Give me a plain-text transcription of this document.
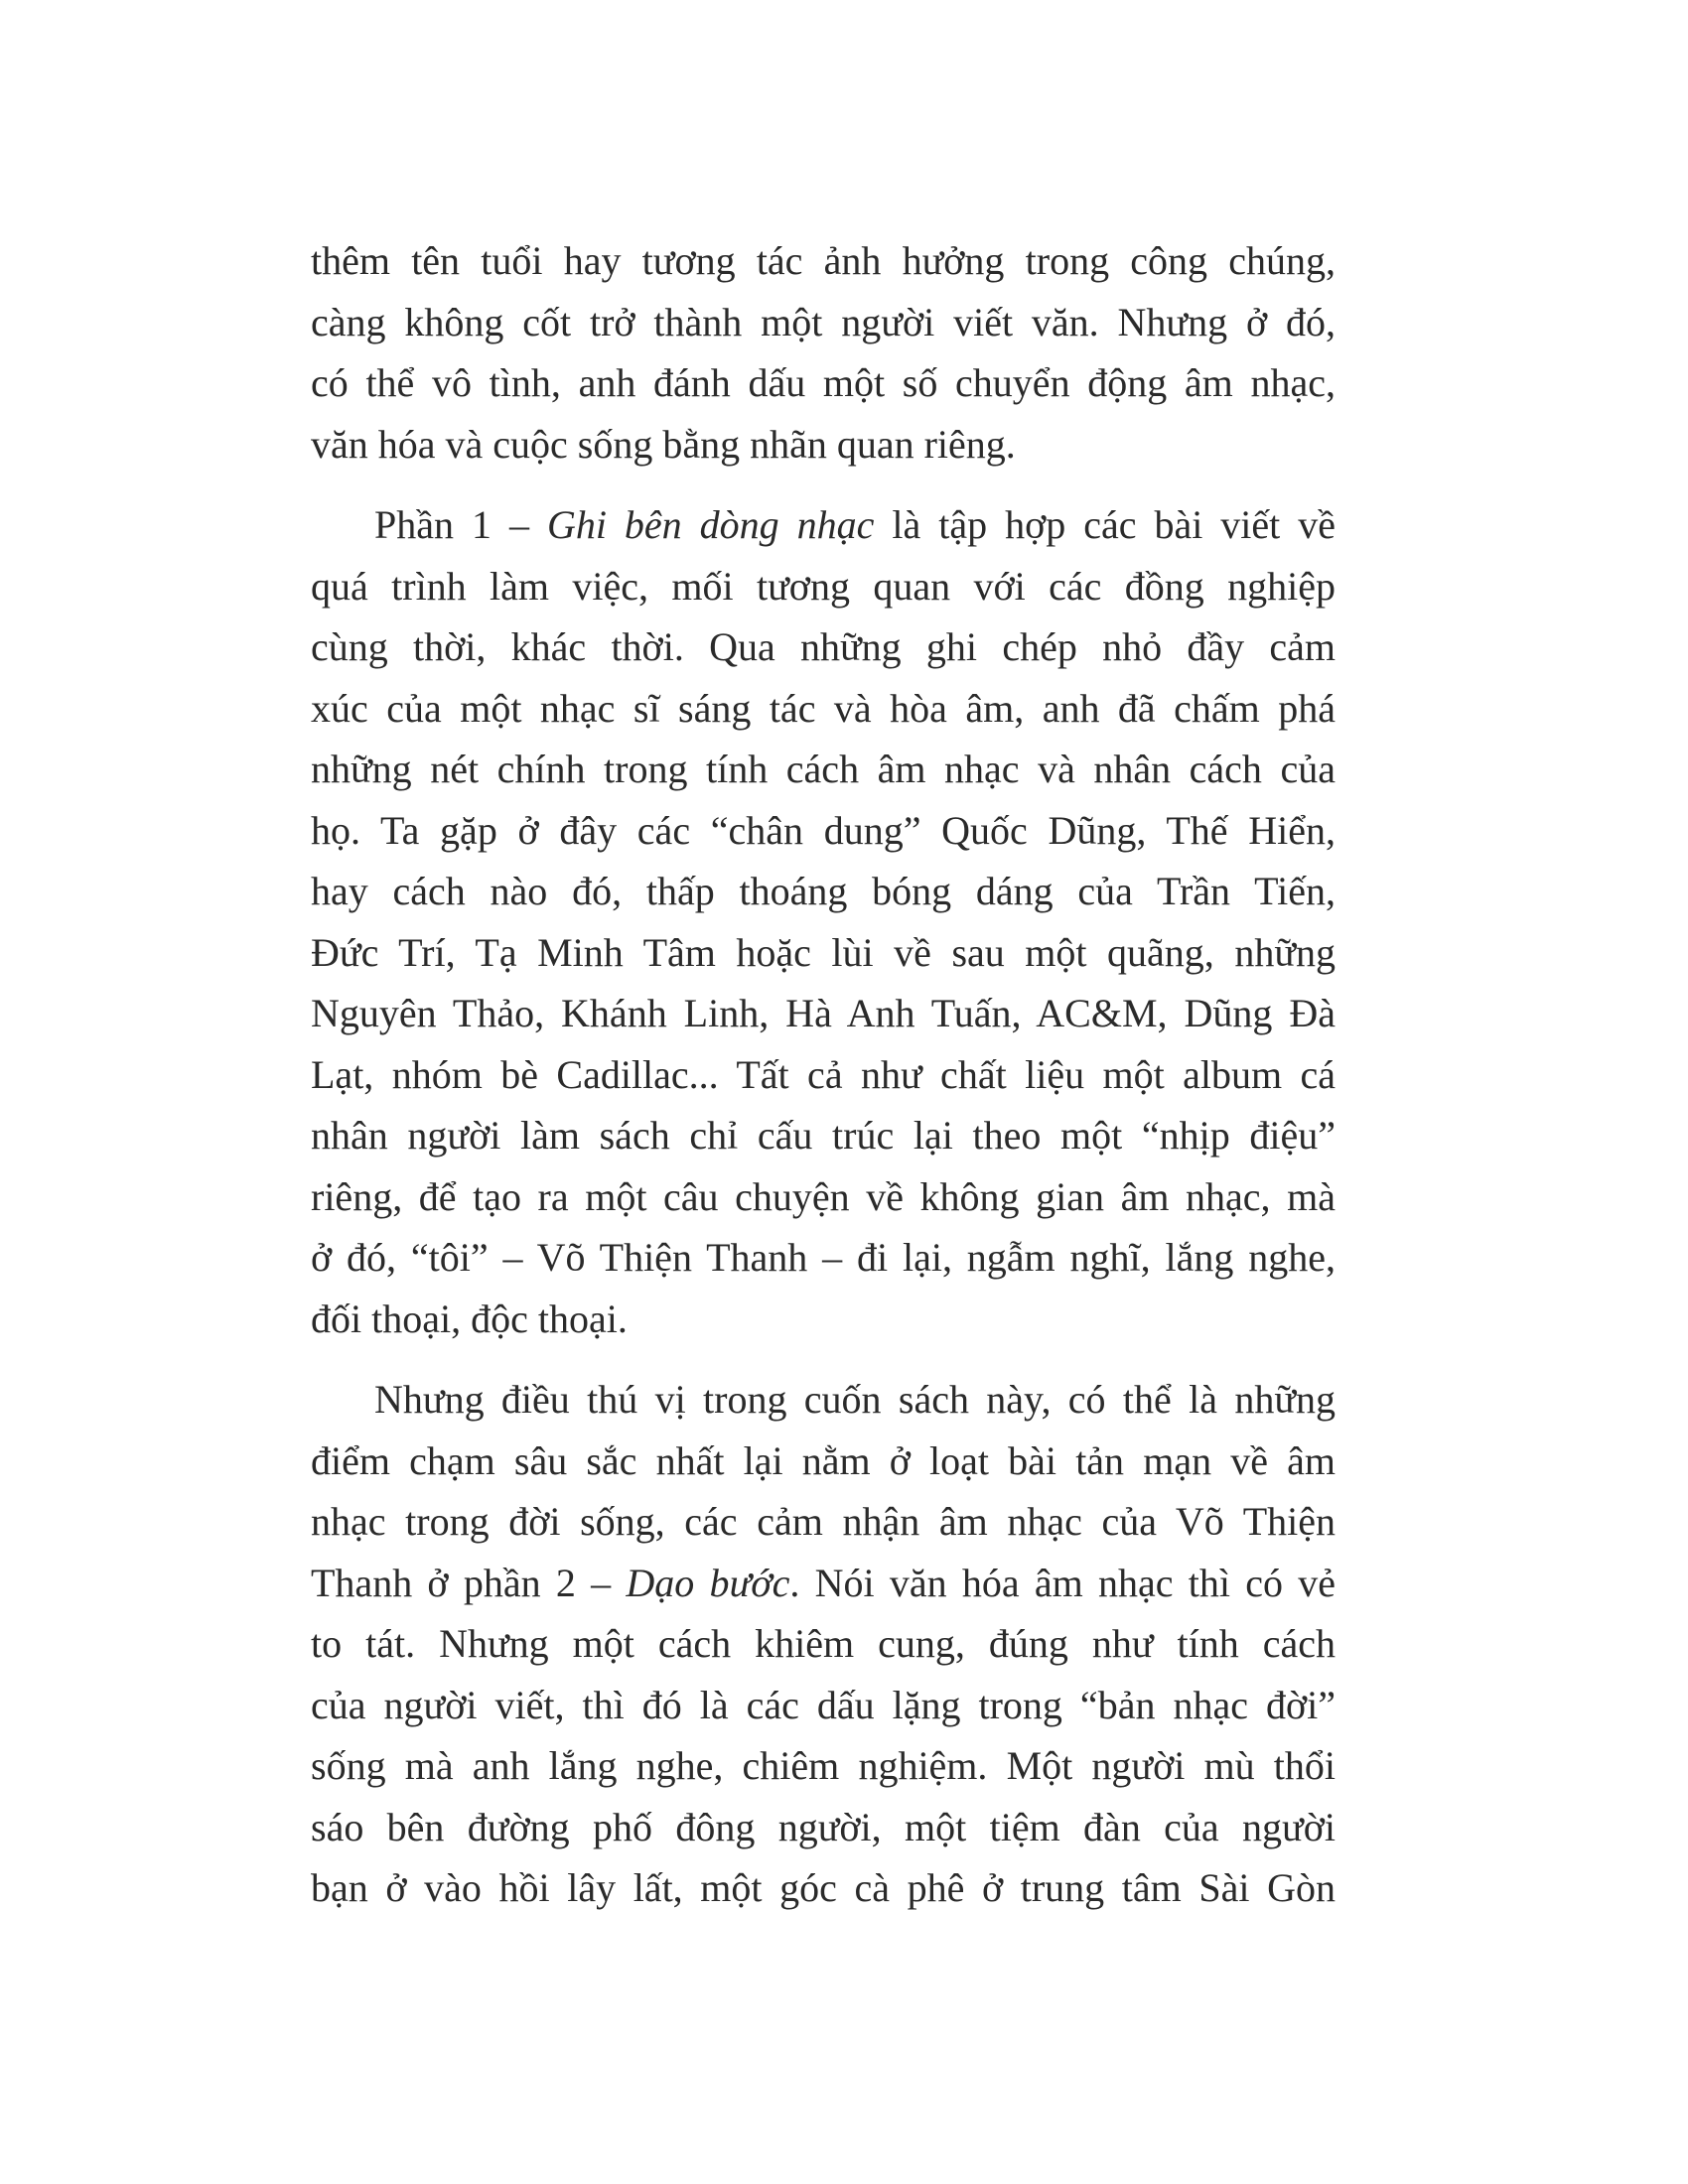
thêm tên tuổi hay tương tác ảnh hưởng trong công chúng,
càng không cốt trở thành một người viết văn. Nhưng ở đó,
có thể vô tình, anh đánh dấu một số chuyển động âm nhạc,
văn hóa và cuộc sống bằng nhãn quan riêng.
Phần 1 – Ghi bên dòng nhạc là tập hợp các bài viết về
quá trình làm việc, mối tương quan với các đồng nghiệp
cùng thời, khác thời. Qua những ghi chép nhỏ đầy cảm
xúc của một nhạc sĩ sáng tác và hòa âm, anh đã chấm phá
những nét chính trong tính cách âm nhạc và nhân cách của
họ. Ta gặp ở đây các “chân dung” Quốc Dũng, Thế Hiển,
hay cách nào đó, thấp thoáng bóng dáng của Trần Tiến,
Đức Trí, Tạ Minh Tâm hoặc lùi về sau một quãng, những
Nguyên Thảo, Khánh Linh, Hà Anh Tuấn, AC&M, Dũng Đà
Lạt, nhóm bè Cadillac... Tất cả như chất liệu một album cá
nhân người làm sách chỉ cấu trúc lại theo một “nhịp điệu”
riêng, để tạo ra một câu chuyện về không gian âm nhạc, mà
ở đó, “tôi” – Võ Thiện Thanh – đi lại, ngẫm nghĩ, lắng nghe,
đối thoại, độc thoại.
Nhưng điều thú vị trong cuốn sách này, có thể là những
điểm chạm sâu sắc nhất lại nằm ở loạt bài tản mạn về âm
nhạc trong đời sống, các cảm nhận âm nhạc của Võ Thiện
Thanh ở phần 2 – Dạo bước. Nói văn hóa âm nhạc thì có vẻ
to tát. Nhưng một cách khiêm cung, đúng như tính cách
của người viết, thì đó là các dấu lặng trong “bản nhạc đời”
sống mà anh lắng nghe, chiêm nghiệm. Một người mù thổi
sáo bên đường phố đông người, một tiệm đàn của người
bạn ở vào hồi lây lất, một góc cà phê ở trung tâm Sài Gòn
